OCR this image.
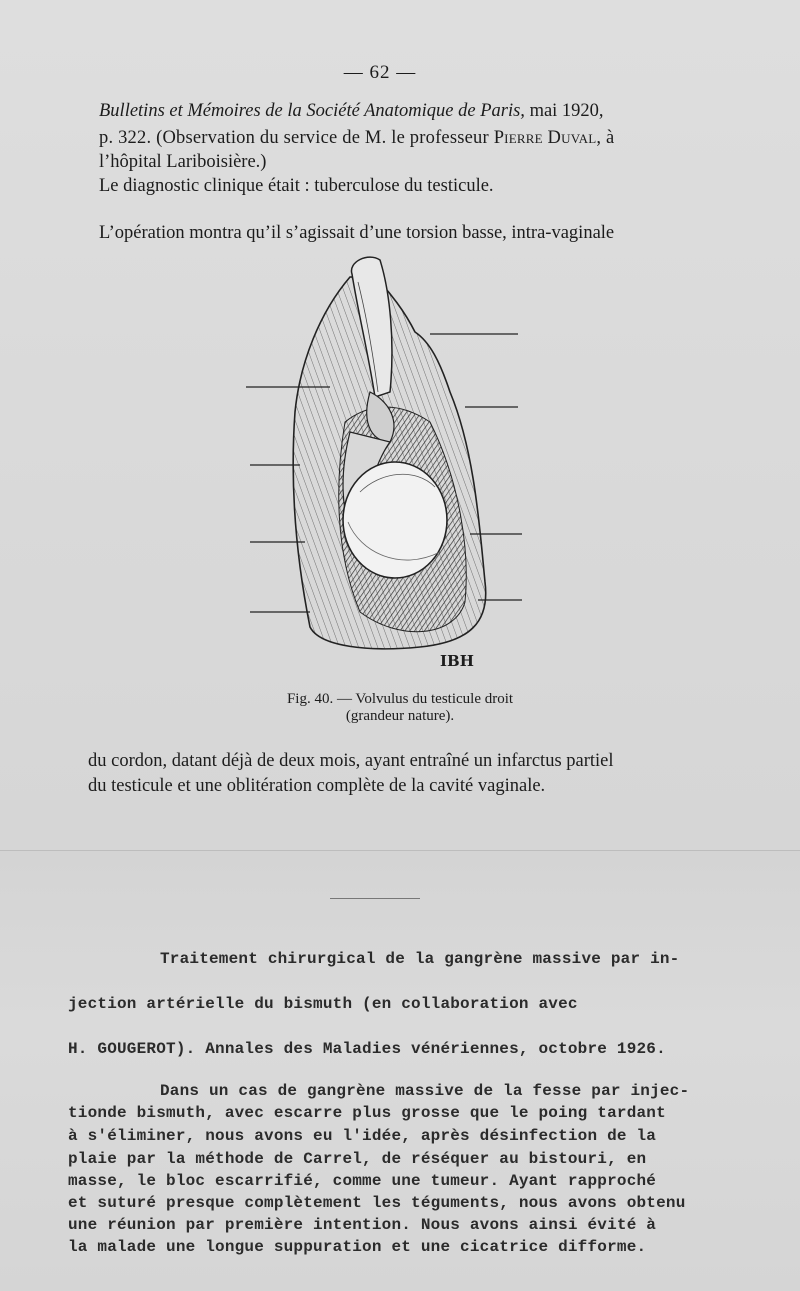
— 62 —
Bulletins et Mémoires de la Société Anatomique de Paris, mai 1920,
p. 322. (Observation du service de M. le professeur Pierre Duval, à
l’hôpital Lariboisière.)
Le diagnostic clinique était : tuberculose du testicule.
L’opération montra qu’il s’agissait d’une torsion basse, intra-vaginale
IBH
Fig. 40. — Volvulus du testicule droit
(grandeur nature).
du cordon, datant déjà de deux mois, ayant entraîné un infarctus partiel
du testicule et une oblitération complète de la cavité vaginale.
Traitement chirurgical de la gangrène massive par in-
jection artérielle du bismuth (en collaboration avec
H. GOUGEROT). Annales des Maladies vénériennes, octobre 1926.
Dans un cas de gangrène massive de la fesse par injec-
tionde bismuth, avec escarre plus grosse que le poing tardant
à s'éliminer, nous avons eu l'idée, après désinfection de la
plaie par la méthode de Carrel, de réséquer au bistouri, en
masse, le bloc escarrifié, comme une tumeur. Ayant rapproché
et suturé presque complètement les téguments, nous avons obtenu
une réunion par première intention. Nous avons ainsi évité à
la malade une longue suppuration et une cicatrice difforme.
